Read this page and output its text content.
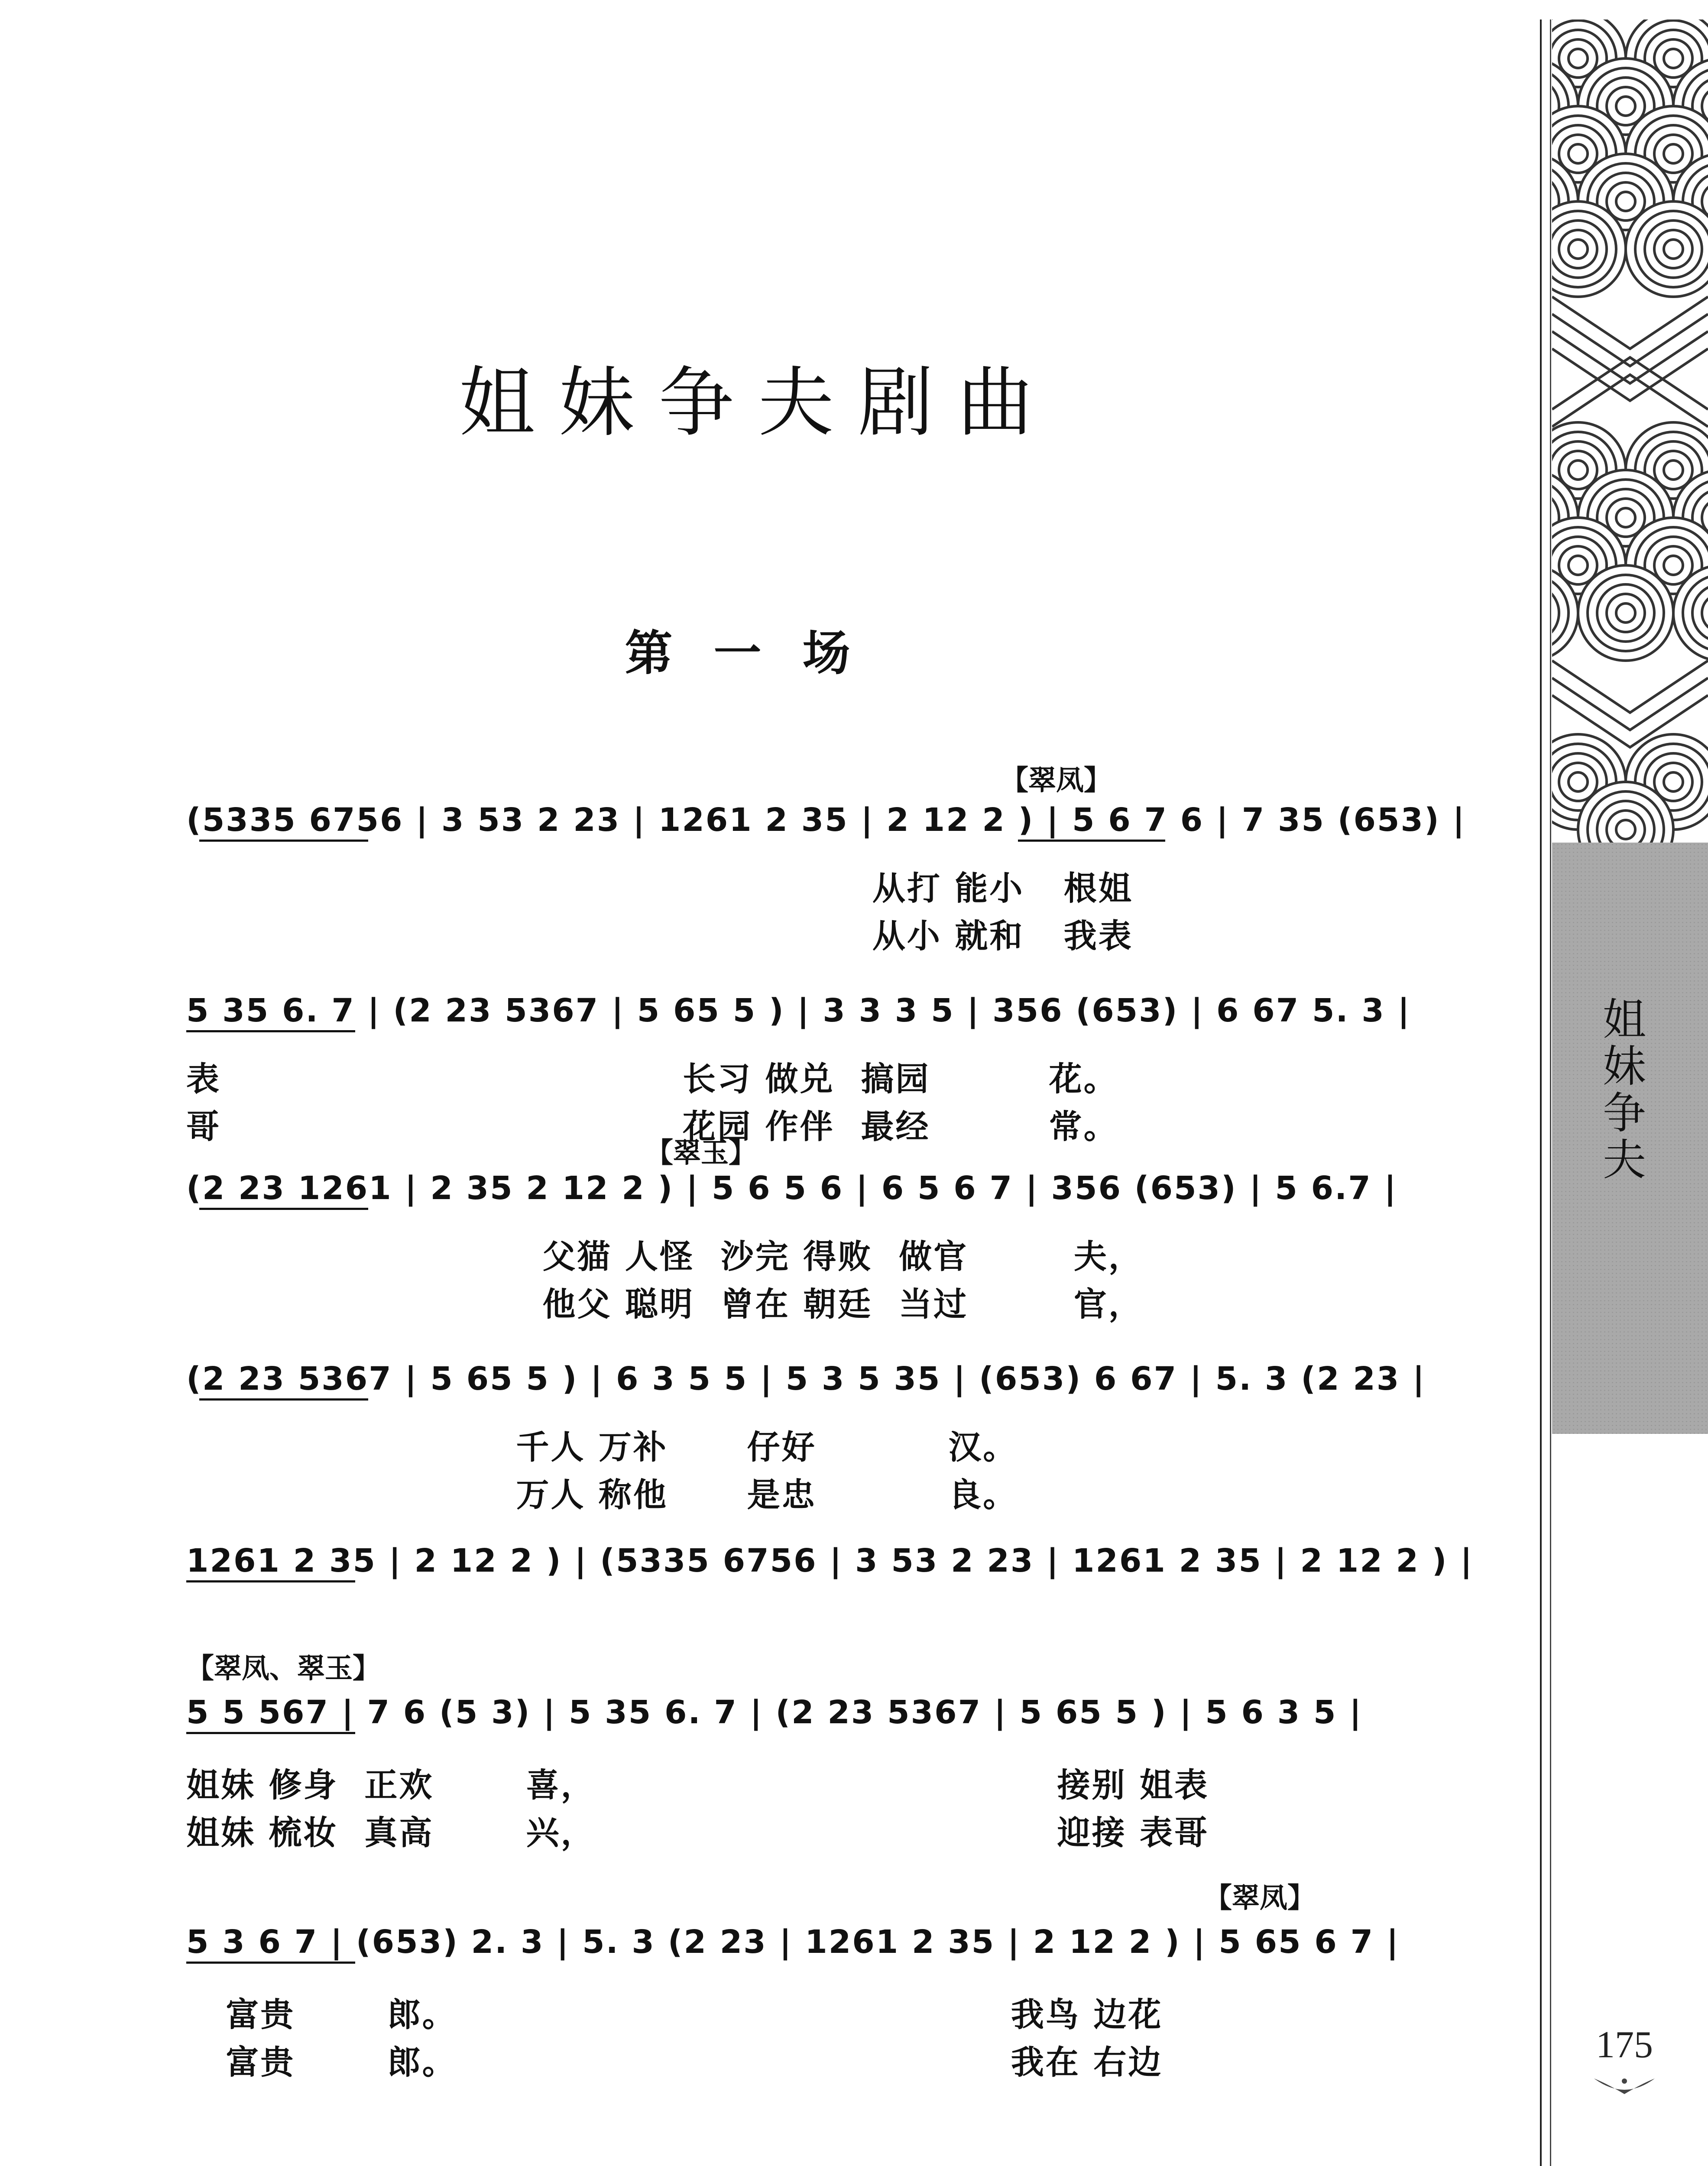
姐
妹
争
夫
175
姐妹争夫剧曲
第一场
【翠凤】
(5335 6756 | 3 53 2 23 | 1261 2 35 | 2 12 2 ) | 5 6 7 6 | 7 35 (653) |
从打 能小   根姐
从小 就和   我表
5 35 6. 7 | (2 23 5367 | 5 65 5 ) | 3 3 3 5 | 356 (653) | 6 67 5. 3 |
表                                   长习 做兑  搞园         花。
哥                                   花园 作伴  最经         常。
【翠玉】
(2 23 1261 | 2 35 2 12 2 ) | 5 6 5 6 | 6 5 6 7 | 356 (653) | 5 6.7 |
父猫 人怪  沙完 得败  做官        夫，
他父 聪明  曾在 朝廷  当过        官，
(2 23 5367 | 5 65 5 ) | 6 3 5 5 | 5 3 5 35 | (653) 6 67 | 5. 3 (2 23 |
千人 万补      仔好          汉。
万人 称他      是忠          良。
1261 2 35 | 2 12 2 ) | (5335 6756 | 3 53 2 23 | 1261 2 35 | 2 12 2 ) |
【翠凤、翠玉】
5 5 567 | 7 6 (5 3) | 5 35 6. 7 | (2 23 5367 | 5 65 5 ) | 5 6 3 5 |
姐妹 修身  正欢       喜，                                   接别 姐表
姐妹 梳妆  真高       兴，                                   迎接 表哥
【翠凤】
5 3 6 7 | (653) 2. 3 | 5. 3 (2 23 | 1261 2 35 | 2 12 2 ) | 5 65 6 7 |
富贵       郎。                                          我鸟 边花
富贵       郎。                                          我在 右边
